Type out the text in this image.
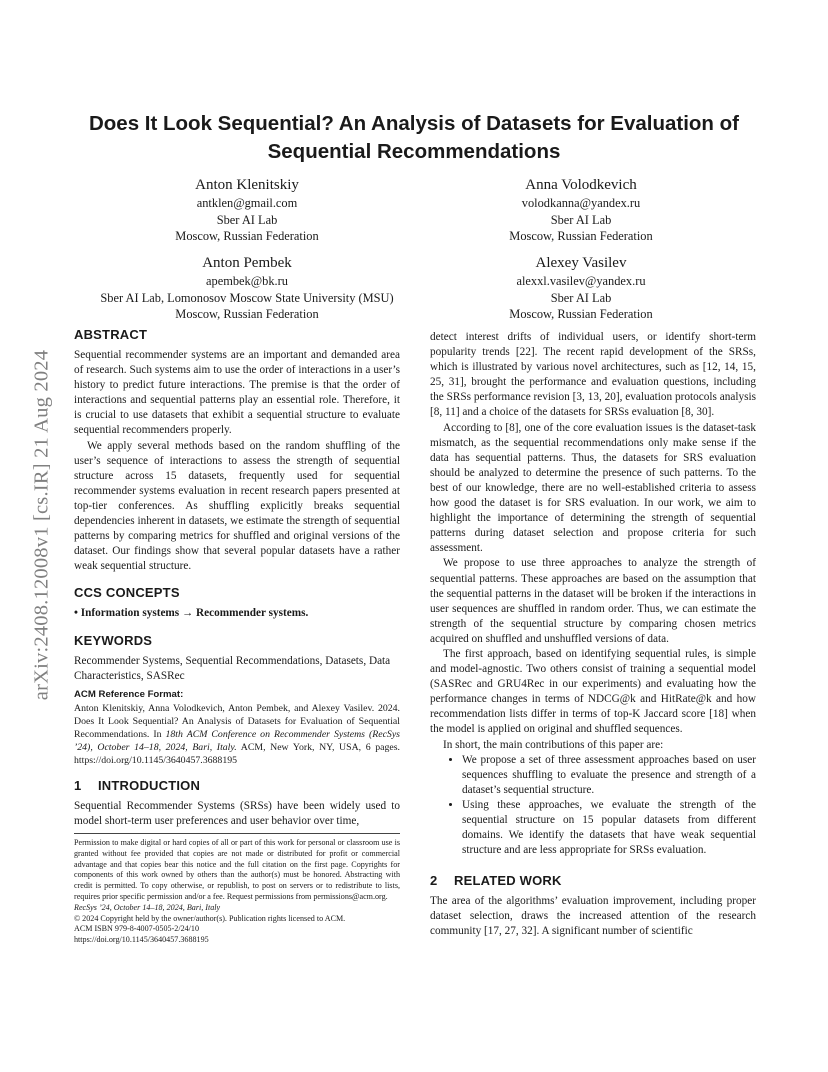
arXiv:2408.12008v1 [cs.IR] 21 Aug 2024
Does It Look Sequential? An Analysis of Datasets for Evaluation of Sequential Recommendations
Anton Klenitskiy
antklen@gmail.com
Sber AI Lab
Moscow, Russian Federation
Anna Volodkevich
volodkanna@yandex.ru
Sber AI Lab
Moscow, Russian Federation
Anton Pembek
apembek@bk.ru
Sber AI Lab, Lomonosov Moscow State University (MSU)
Moscow, Russian Federation
Alexey Vasilev
alexxl.vasilev@yandex.ru
Sber AI Lab
Moscow, Russian Federation
ABSTRACT

Sequential recommender systems are an important and demanded area of research. Such systems aim to use the order of interactions in a user’s history to predict future interactions. The premise is that the order of interactions and sequential patterns play an essential role. Therefore, it is crucial to use datasets that exhibit a sequential structure to evaluate sequential recommenders properly.

We apply several methods based on the random shuffling of the user’s sequence of interactions to assess the strength of sequential structure across 15 datasets, frequently used for sequential recommender systems evaluation in recent research papers presented at top-tier conferences. As shuffling explicitly breaks sequential dependencies inherent in datasets, we estimate the strength of sequential patterns by comparing metrics for shuffled and original versions of the dataset. Our findings show that several popular datasets have a rather weak sequential structure.

CCS CONCEPTS

• Information systems → Recommender systems.

KEYWORDS

Recommender Systems, Sequential Recommendations, Datasets, Data Characteristics, SASRec

ACM Reference Format:
Anton Klenitskiy, Anna Volodkevich, Anton Pembek, and Alexey Vasilev. 2024. Does It Look Sequential? An Analysis of Datasets for Evaluation of Sequential Recommendations. In 18th ACM Conference on Recommender Systems (RecSys ’24), October 14–18, 2024, Bari, Italy. ACM, New York, NY, USA, 6 pages. https://doi.org/10.1145/3640457.3688195
1 INTRODUCTION

Sequential Recommender Systems (SRSs) have been widely used to model short-term user preferences and user behavior over time,

Permission to make digital or hard copies of all or part of this work for personal or classroom use is granted without fee provided that copies are not made or distributed for profit or commercial advantage and that copies bear this notice and the full citation on the first page. Copyrights for components of this work owned by others than the author(s) must be honored. Abstracting with credit is permitted. To copy otherwise, or republish, to post on servers or to redistribute to lists, requires prior specific permission and/or a fee. Request permissions from permissions@acm.org.

RecSys ’24, October 14–18, 2024, Bari, Italy

© 2024 Copyright held by the owner/author(s). Publication rights licensed to ACM.

ACM ISBN 979-8-4007-0505-2/24/10

https://doi.org/10.1145/3640457.3688195

detect interest drifts of individual users, or identify short-term popularity trends [22]. The recent rapid development of the SRSs, which is illustrated by various novel architectures, such as [12, 14, 15, 25, 31], brought the performance and evaluation questions, including the SRSs performance revision [3, 13, 20], evaluation protocols analysis [8, 11] and a choice of the datasets for SRSs evaluation [8, 30].

According to [8], one of the core evaluation issues is the dataset-task mismatch, as the sequential recommendations only make sense if the data has sequential patterns. Thus, the datasets for SRS evaluation should be analyzed to determine the presence of such patterns. To the best of our knowledge, there are no well-established criteria to assess how good the dataset is for SRS evaluation. In our work, we aim to highlight the importance of determining the strength of sequential patterns during dataset selection and propose criteria for such assessment.

We propose to use three approaches to analyze the strength of sequential patterns. These approaches are based on the assumption that the sequential patterns in the dataset will be broken if the interactions in user sequences are shuffled in random order. Thus, we can estimate the strength of the sequential structure by comparing chosen metrics acquired on shuffled and unshuffled versions of data.

The first approach, based on identifying sequential rules, is simple and model-agnostic. Two others consist of training a sequential model (SASRec and GRU4Rec in our experiments) and evaluating how the performance changes in terms of NDCG@k and HitRate@k and how recommendation lists differ in terms of top-K Jaccard score [18] when the model is applied on original and shuffled sequences.

In short, the main contributions of this paper are:

• We propose a set of three assessment approaches based on user sequences shuffling to evaluate the presence and strength of a dataset’s sequential structure.
• Using these approaches, we evaluate the strength of the sequential structure on 15 popular datasets from different domains. We identify the datasets that have weak sequential structure and are less appropriate for SRSs evaluation.
2 RELATED WORK

The area of the algorithms’ evaluation improvement, including proper dataset selection, draws the increased attention of the research community [17, 27, 32]. A significant number of scientific
